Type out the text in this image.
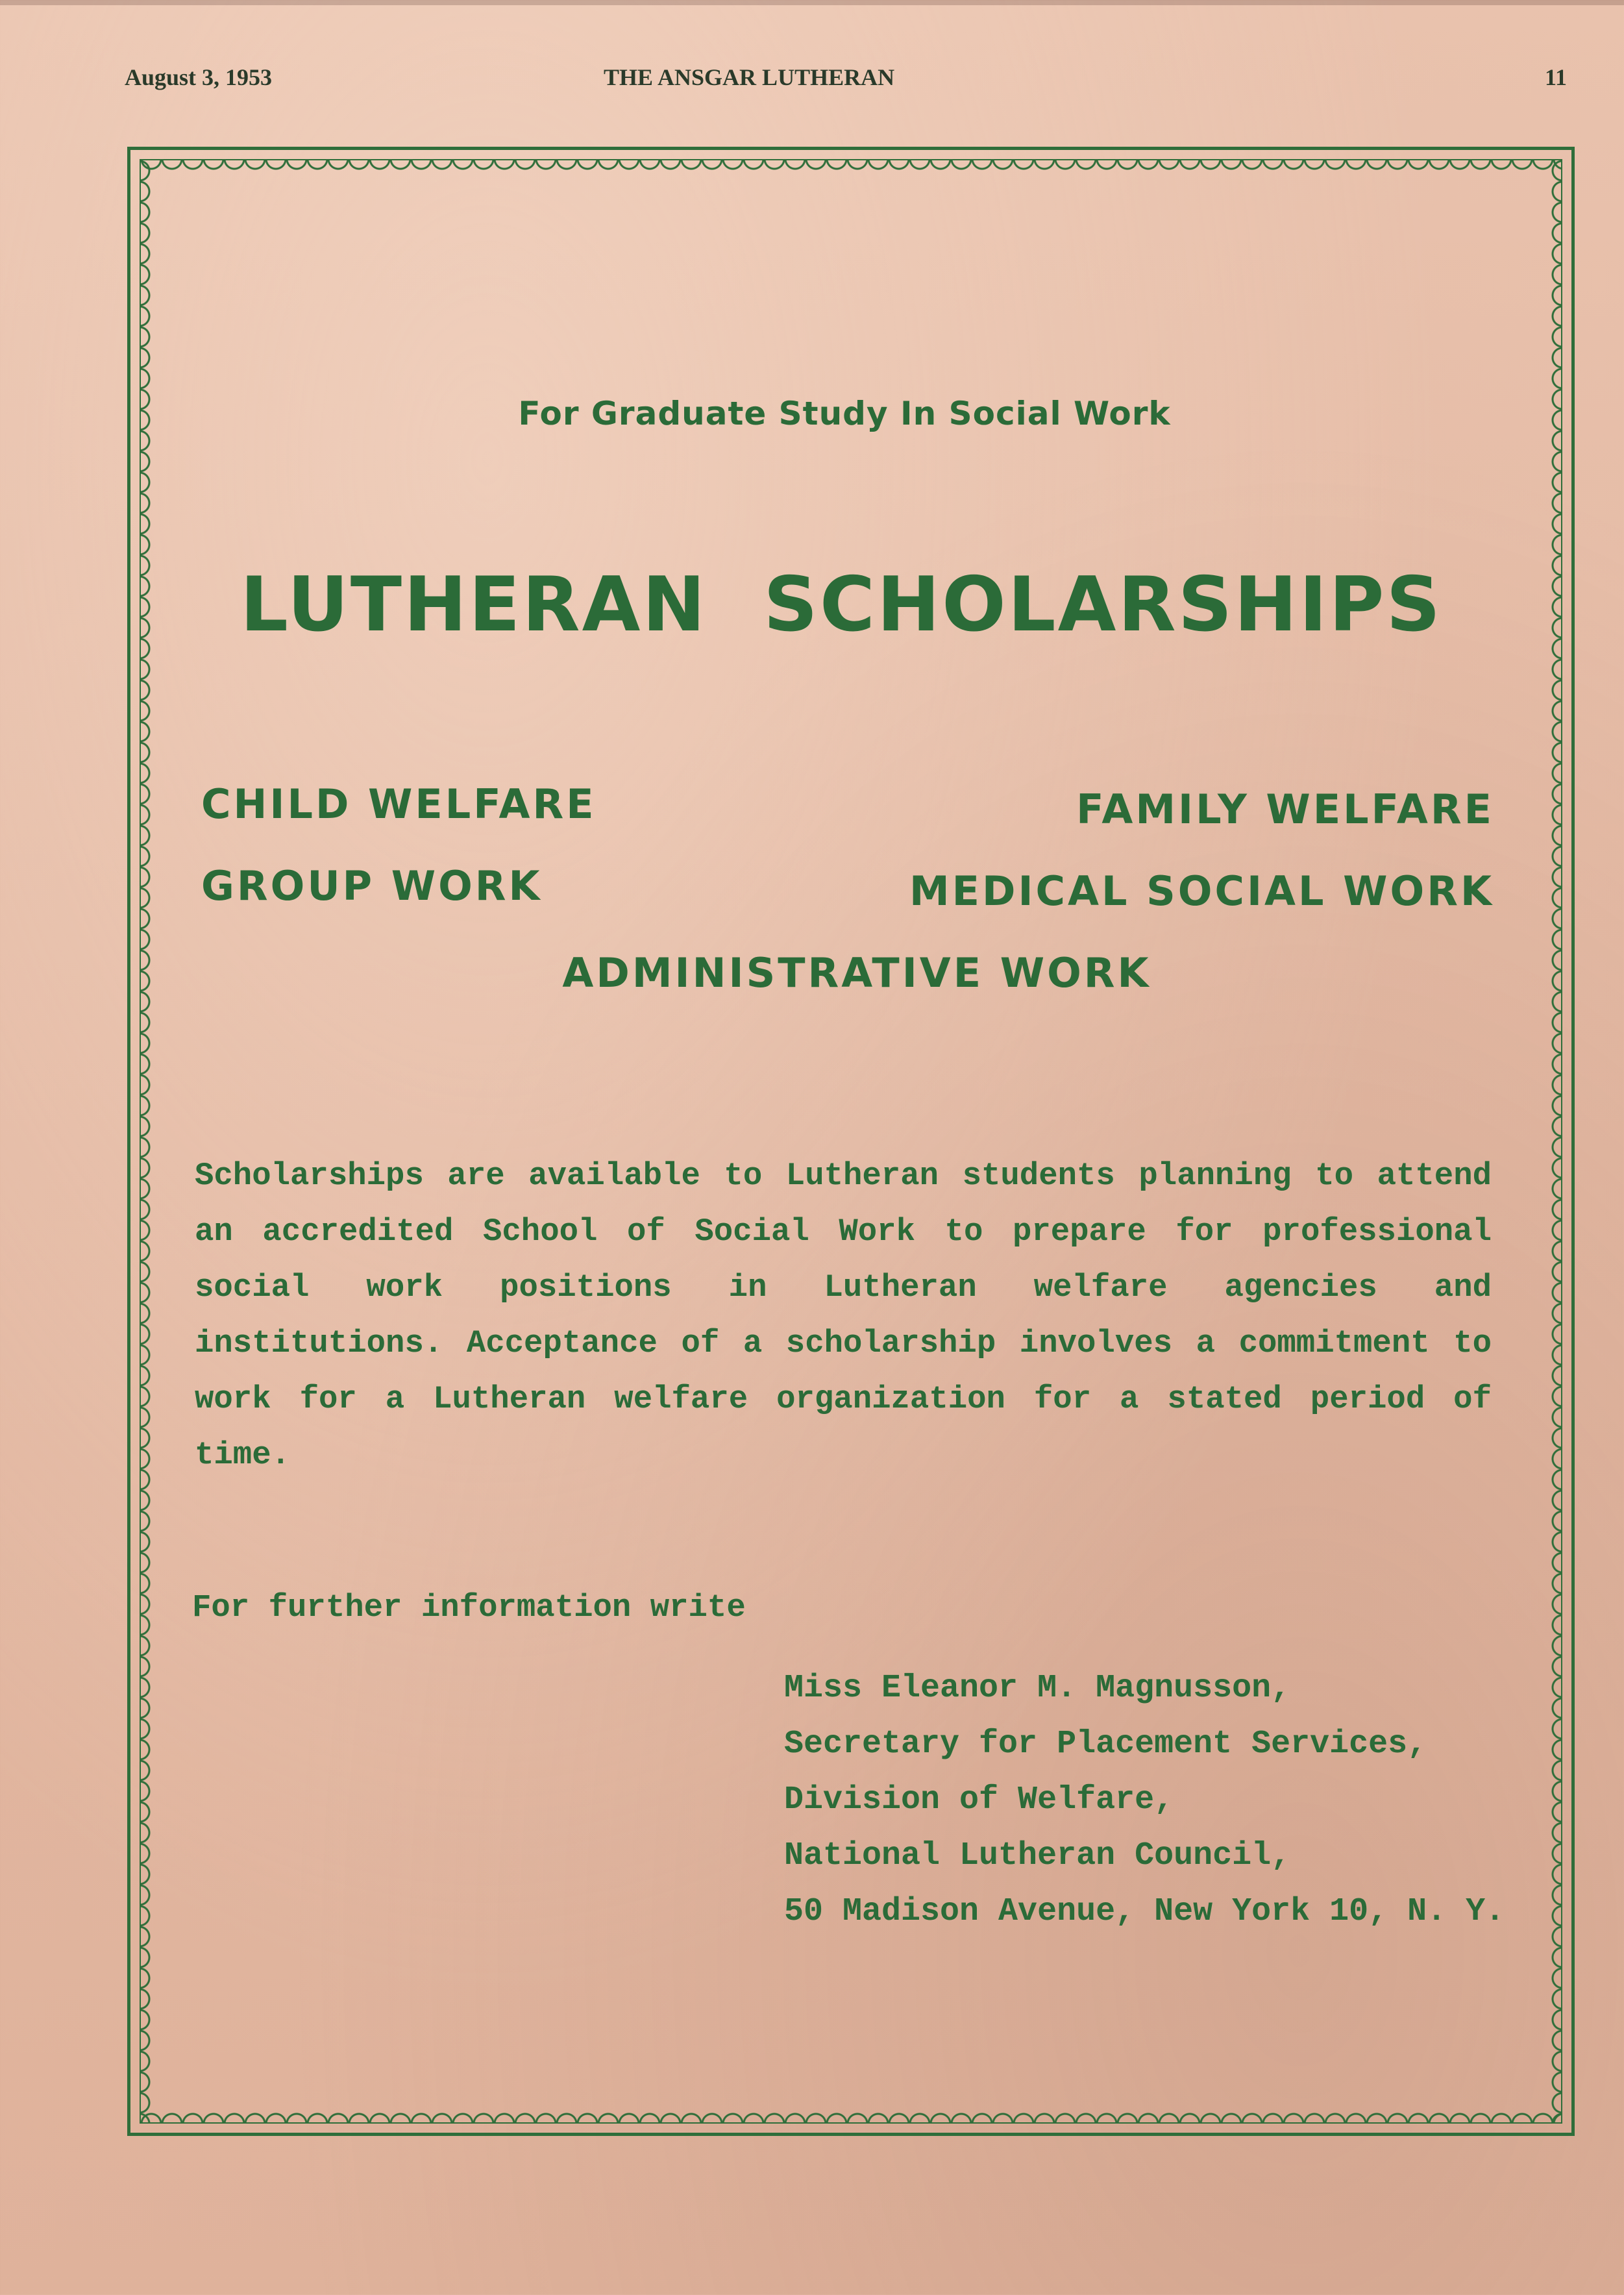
August 3, 1953	THE ANSGAR LUTHERAN	11
For Graduate Study In Social Work
LUTHERAN  SCHOLARSHIPS
CHILD WELFARE	FAMILY WELFARE
GROUP WORK	MEDICAL SOCIAL WORK
ADMINISTRATIVE WORK
Scholarships are available to Lutheran students planning to attend an accredited School of Social Work to prepare for professional social work positions in Lutheran welfare agencies and institutions. Acceptance of a scholarship involves a commitment to work for a Lutheran welfare organization for a stated period of time.
For further information write
Miss Eleanor M. Magnusson,
Secretary for Placement Services,
Division of Welfare,
National Lutheran Council,
50 Madison Avenue, New York 10, N. Y.
